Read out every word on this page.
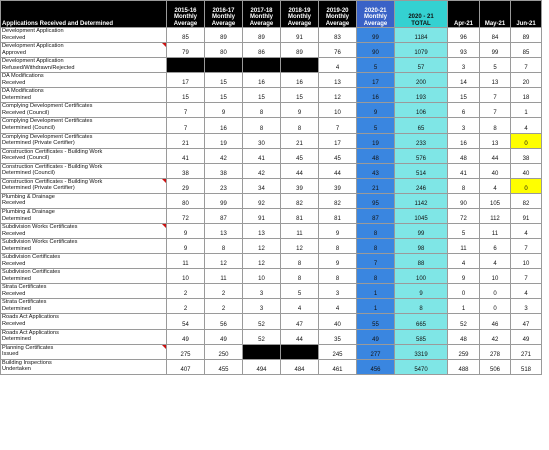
Applications Received and Determined	2015-16
Monthly
Average	2016-17
Monthly
Average	2017-18
Monthly
Average	2018-19
Monthly
Average	2019-20
Monthly
Average	2020-21
Monthly
Average	2020 - 21
TOTAL	Apr-21	May-21	Jun-21

Development Application
Received	85	89	89	91	83	99	1184	96	84	89

Development Application
Approved	79	80	86	89	76	90	1079	93	99	85

Development Application
Refused/Withdrawn/Rejected					4	5	57	3	5	7

DA Modifications
Received	17	15	16	16	13	17	200	14	13	20

DA Modifications
Determined	15	15	15	15	12	16	193	15	7	18

Complying Development Certificates
Received (Council)	7	9	8	9	10	9	106	6	7	1

Complying Development Certificates
Determined (Council)	7	16	8	8	7	5	65	3	8	4

Complying Development Certificates
Determined (Private Certifier)	21	19	30	21	17	19	233	16	13	0

Construction Certificates - Building Work
Received (Council)	41	42	41	45	45	48	576	48	44	38

Construction Certificates - Building Work
Determined (Council)	38	38	42	44	44	43	514	41	40	40

Construction Certificates - Building Work
Determined (Private Certifier)	29	23	34	39	39	21	246	8	4	0

Plumbing & Drainage
Received	80	99	92	82	82	95	1142	90	105	82

Plumbing & Drainage
Determined	72	87	91	81	81	87	1045	72	112	91

Subdivision Works Certificates
Received	9	13	13	11	9	8	99	5	11	4

Subdivision Works Certificates
Determined	9	8	12	12	8	8	98	11	6	7

Subdivision Certificates
Received	11	12	12	8	9	7	88	4	4	10

Subdivision Certificates
Determined	10	11	10	8	8	8	100	9	10	7

Strata Certificates
Received	2	2	3	5	3	1	9	0	0	4

Strata Certificates
Determined	2	2	3	4	4	1	8	1	0	3

Roads Act Applications
Received	54	56	52	47	40	55	665	52	46	47

Roads Act Applications
Determined	49	49	52	44	35	49	585	48	42	49

Planning Certificates
Issued	275	250			245	277	3319	259	278	271

Building Inspections
Undertaken	407	455	494	484	461	456	5470	488	506	518
